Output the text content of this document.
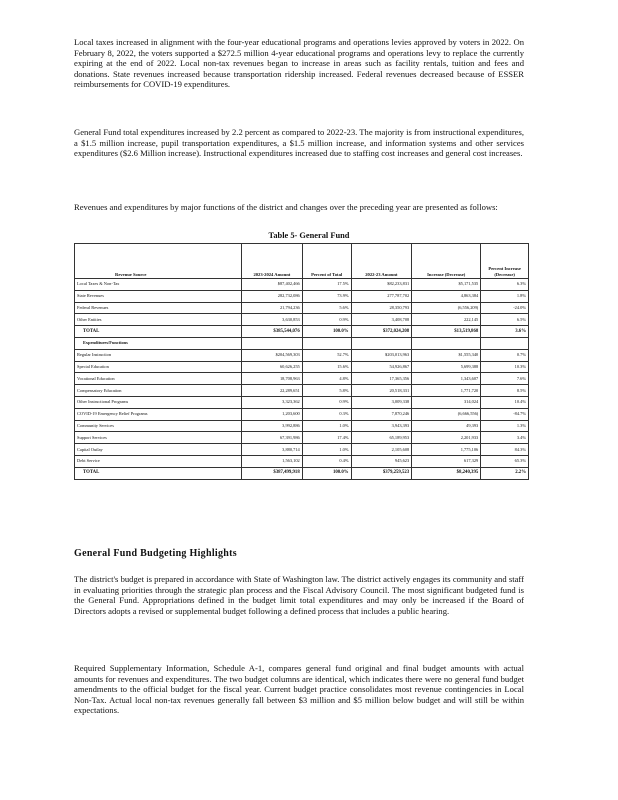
Local taxes increased in alignment with the four-year educational programs and operations levies approved by voters in 2022. On February 8, 2022, the voters supported a $272.5 million 4-year educational programs and operations levy to replace the currently expiring at the end of 2022. Local non-tax revenues began to increase in areas such as facility rentals, tuition and fees and donations. State revenues increased because transportation ridership increased. Federal revenues decreased because of ESSER reimbursements for COVID-19 expenditures.
General Fund total expenditures increased by 2.2 percent as compared to 2022-23. The majority is from instructional expenditures, a $1.5 million increase, pupil transportation expenditures, a $1.5 million increase, and information systems and other services expenditures ($2.6 Million increase). Instructional expenditures increased due to staffing cost increases and general cost increases.
Revenues and expenditures by major functions of the district and changes over the preceding year are presented as follows:
Table 5- General Fund
Revenue Source	2023-2024 Amount	Percent of Total	2022-23 Amount	Increase (Decrease)	Percent Increase (Decrease)
Local Taxes & Non-Tax	$87,402,466	17.5%	$82,233,831	$5,171,535	6.3%
State Revenues	282,732,086	73.9%	277,787,702	4,863,384	1.8%
Federal Revenues	21,794,236	5.6%	28,350,793	(6,556,209)	-24.0%
Other Entities	3,630,853	0.9%	3,408,708	222,145	6.5%
TOTAL	$385,544,076	100.0%	$372,024,208	$13,519,868	3.6%
Expenditures/Functions					
Regular Instruction	$204,569,303	52.7%	$203,013,963	$1,555,340	0.7%
Special Education	60,626,255	15.6%	54,926,867	5,699,388	10.3%
Vocational Education	18,708,963	4.8%	17,365,356	1,343,607	7.6%
Compensatory Education	22,289,651	5.8%	20,518,331	1,771,720	8.5%
Other Instructional Programs	3,323,362	0.9%	3,009,338	314,024	10.4%
COVID-19 Emergency Relief Programs	1,203,600	0.3%	7,870,246	(6,666,556)	-84.7%
Community Services	3,992,886	1.0%	3,943,393	49,393	1.3%
Support Services	67,391,986	17.4%	65,189,953	2,201,933	3.4%
Capital Outlay	3,880,714	1.0%	2,105,608	1,775,106	84.3%
Debt Service	1,563,102	0.4%	945,623	617,329	65.3%
TOTAL	$387,499,918	100.0%	$379,259,523	$8,240,395	2.2%
General Fund Budgeting Highlights
The district's budget is prepared in accordance with State of Washington law. The district actively engages its community and staff in evaluating priorities through the strategic plan process and the Fiscal Advisory Council. The most significant budgeted fund is the General Fund. Appropriations defined in the budget limit total expenditures and may only be increased if the Board of Directors adopts a revised or supplemental budget following a defined process that includes a public hearing.
Required Supplementary Information, Schedule A-1, compares general fund original and final budget amounts with actual amounts for revenues and expenditures. The two budget columns are identical, which indicates there were no general fund budget amendments to the official budget for the fiscal year. Current budget practice consolidates most revenue contingencies in Local Non-Tax. Actual local non-tax revenues generally fall between $3 million and $5 million below budget and will still be within expectations.
